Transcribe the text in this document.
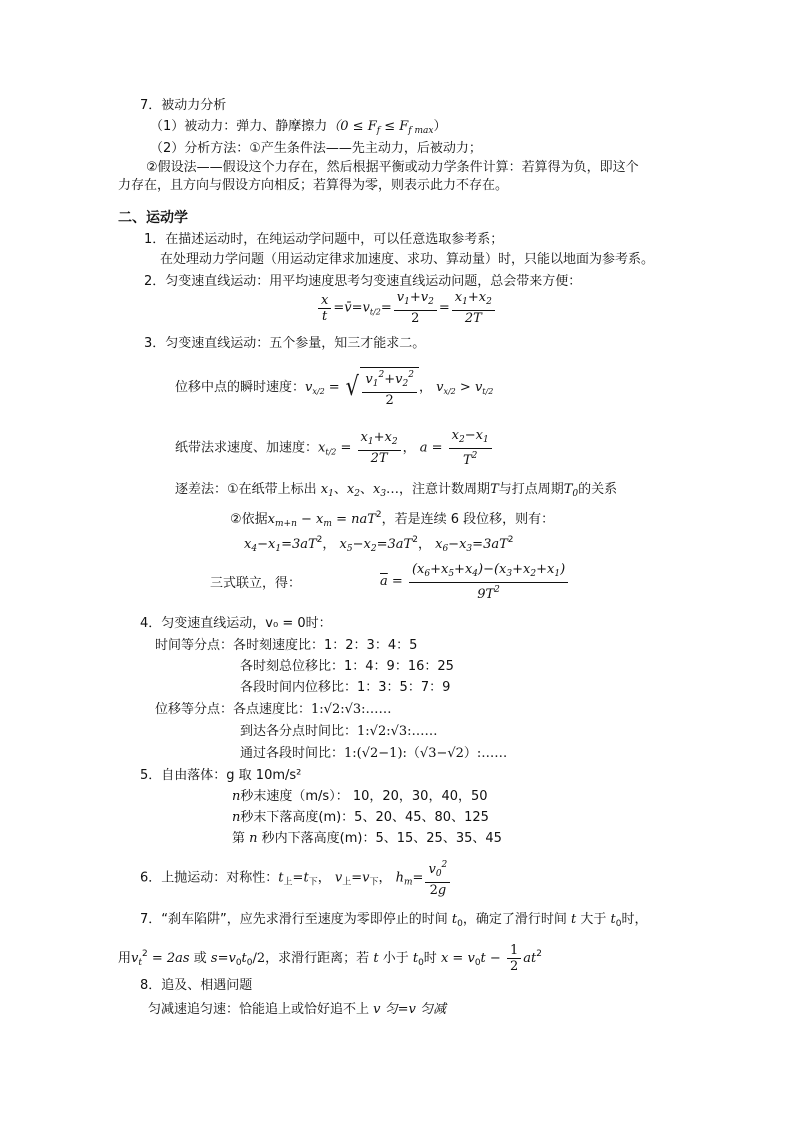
7．被动力分析
（1）被动力：弹力、静摩擦力$(0 \le F_f \le F_{f max})$
（2）分析方法：①产生条件法——先主动力，后被动力；
②假设法——假设这个力存在，然后根据平衡或动力学条件计算：若算得为负，即这个
力存在，且方向与假设方向相反；若算得为零，则表示此力不存在。
二、运动学
1．在描述运动时，在纯运动学问题中，可以任意选取参考系；
在处理动力学问题（用运动定律求加速度、求功、算动量）时，只能以地面为参考系。
2．匀变速直线运动：用平均速度思考匀变速直线运动问题，总会带来方便：
$\frac{x}{t}$ $=v̄=v_{t/2}= \frac{v_1+v_2}{2} = \frac{x_1+x_2}{2T}$
3．匀变速直线运动：五个参量，知三才能求二。
位移中点的瞬时速度：$v_{x/2}$ = √ $\frac{v_1^2+v_2^2}{2}$ ， $v_{x/2} > v_{t/2}$
纸带法求速度、加速度：$x_{t/2} = \frac{x_1+x_2}{2T}$ ， $a = \frac{x_2-x_1}{T^2}$
逐差法：①在纸带上标出 $x_1$、$x_2$、$x_3\dots$，注意计数周期T与打点周期$T_0$的关系
②依据$x_{m+n} - x_m = naT^2$，若是连续 6 段位移，则有：
$x_4-x_1=3aT^2$， $x_5-x_2=3aT^2$， $x_6-x_3=3aT^2$
三式联立，得：	$\overline{a} = \frac{(x_6+x_5+x_4)-(x_3+x_2+x_1)}{9T^2}$
4．匀变速直线运动，v₀ = 0时：
时间等分点：各时刻速度比：1：2：3：4：5
各时刻总位移比：1：4：9：16：25
各段时间内位移比：1：3：5：7：9
位移等分点：各点速度比：1:√2:√3:……
到达各分点时间比：1:√2:√3:……
通过各段时间比：1:(√2−1):（√3−√2）:……
5．自由落体：g 取 10m/s²
n秒末速度（m/s）： 10，20，30，40，50
n秒末下落高度(m)：5、20、45、80、125
第 n 秒内下落高度(m)：5、15、25、35、45
6．上抛运动：对称性：$t_上=t_下$， $v_上=v_下$， $h_m= \frac{v_0^2}{2g}$
7．“刹车陷阱”，应先求滑行至速度为零即停止的时间 $t_0$，确定了滑行时间 t 大于 $t_0$时，
用$v_t^2 = 2as$ 或 $s=v_0t_0/2$，求滑行距离；若 t 小于 $t_0$时 $x = v_0t - \frac{1}{2} at^2$
8．追及、相遇问题
匀减速追匀速：恰能追上或恰好追不上 v 匀=v 匀减
